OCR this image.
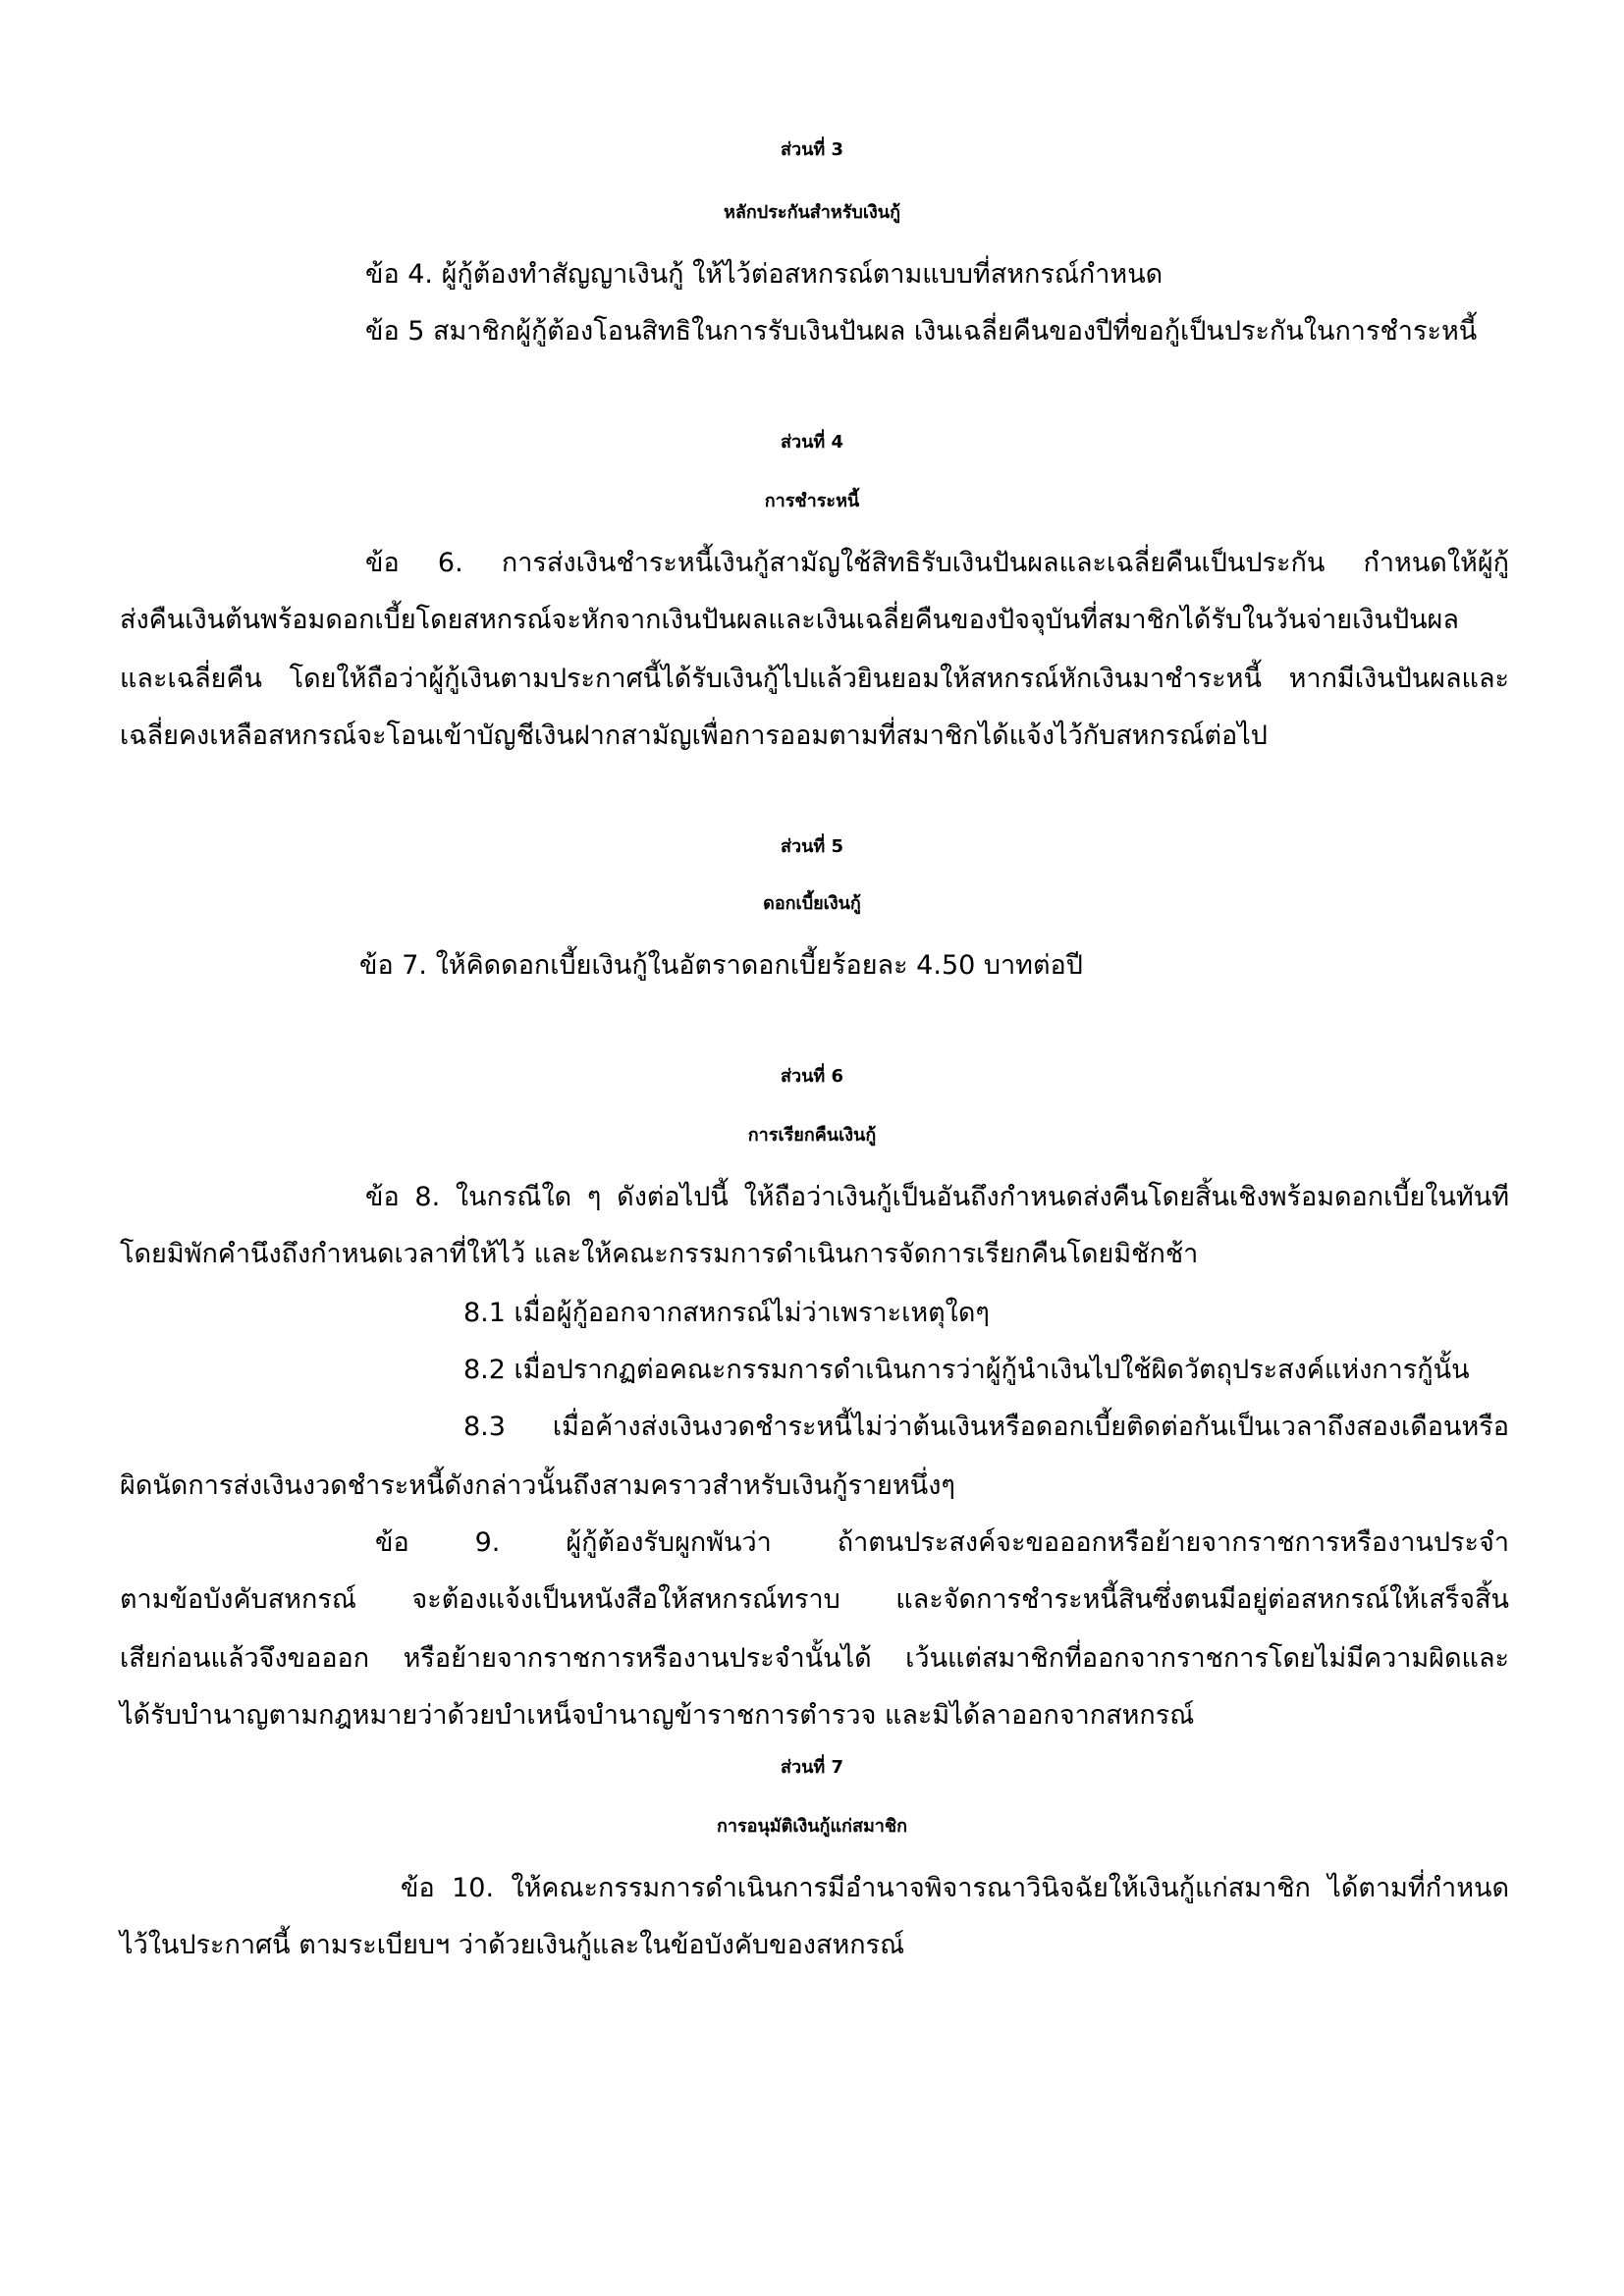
ส่วนที่ 3
หลักประกันสำหรับเงินกู้
ข้อ 4. ผู้กู้ต้องทำสัญญาเงินกู้ ให้ไว้ต่อสหกรณ์ตามแบบที่สหกรณ์กำหนด
ข้อ 5 สมาชิกผู้กู้ต้องโอนสิทธิในการรับเงินปันผล เงินเฉลี่ยคืนของปีที่ขอกู้เป็นประกันในการชำระหนี้
ส่วนที่ 4
การชำระหนี้
ข้อ 6. การส่งเงินชำระหนี้เงินกู้สามัญใช้สิทธิรับเงินปันผลและเฉลี่ยคืนเป็นประกัน กำหนดให้ผู้กู้
ส่งคืนเงินต้นพร้อมดอกเบี้ยโดยสหกรณ์จะหักจากเงินปันผลและเงินเฉลี่ยคืนของปัจจุบันที่สมาชิกได้รับในวันจ่ายเงินปันผล
และเฉลี่ยคืน โดยให้ถือว่าผู้กู้เงินตามประกาศนี้ได้รับเงินกู้ไปแล้วยินยอมให้สหกรณ์หักเงินมาชำระหนี้ หากมีเงินปันผลและ
เฉลี่ยคงเหลือสหกรณ์จะโอนเข้าบัญชีเงินฝากสามัญเพื่อการออมตามที่สมาชิกได้แจ้งไว้กับสหกรณ์ต่อไป
ส่วนที่ 5
ดอกเบี้ยเงินกู้
ข้อ 7. ให้คิดดอกเบี้ยเงินกู้ในอัตราดอกเบี้ยร้อยละ 4.50 บาทต่อปี
ส่วนที่ 6
การเรียกคืนเงินกู้
ข้อ 8. ในกรณีใด ๆ ดังต่อไปนี้ ให้ถือว่าเงินกู้เป็นอันถึงกำหนดส่งคืนโดยสิ้นเชิงพร้อมดอกเบี้ยในทันที
โดยมิพักคำนึงถึงกำหนดเวลาที่ให้ไว้ และให้คณะกรรมการดำเนินการจัดการเรียกคืนโดยมิชักช้า
8.1 เมื่อผู้กู้ออกจากสหกรณ์ไม่ว่าเพราะเหตุใดๆ
8.2 เมื่อปรากฏต่อคณะกรรมการดำเนินการว่าผู้กู้นำเงินไปใช้ผิดวัตถุประสงค์แห่งการกู้นั้น
8.3 เมื่อค้างส่งเงินงวดชำระหนี้ไม่ว่าต้นเงินหรือดอกเบี้ยติดต่อกันเป็นเวลาถึงสองเดือนหรือ
ผิดนัดการส่งเงินงวดชำระหนี้ดังกล่าวนั้นถึงสามคราวสำหรับเงินกู้รายหนึ่งๆ
ข้อ 9. ผู้กู้ต้องรับผูกพันว่า ถ้าตนประสงค์จะขอออกหรือย้ายจากราชการหรืองานประจำ
ตามข้อบังคับสหกรณ์ จะต้องแจ้งเป็นหนังสือให้สหกรณ์ทราบ และจัดการชำระหนี้สินซึ่งตนมีอยู่ต่อสหกรณ์ให้เสร็จสิ้น
เสียก่อนแล้วจึงขอออก หรือย้ายจากราชการหรืองานประจำนั้นได้ เว้นแต่สมาชิกที่ออกจากราชการโดยไม่มีความผิดและ
ได้รับบำนาญตามกฎหมายว่าด้วยบำเหน็จบำนาญข้าราชการตำรวจ และมิได้ลาออกจากสหกรณ์
ส่วนที่ 7
การอนุมัติเงินกู้แก่สมาชิก
ข้อ 10. ให้คณะกรรมการดำเนินการมีอำนาจพิจารณาวินิจฉัยให้เงินกู้แก่สมาชิก ได้ตามที่กำหนด
ไว้ในประกาศนี้ ตามระเบียบฯ ว่าด้วยเงินกู้และในข้อบังคับของสหกรณ์
